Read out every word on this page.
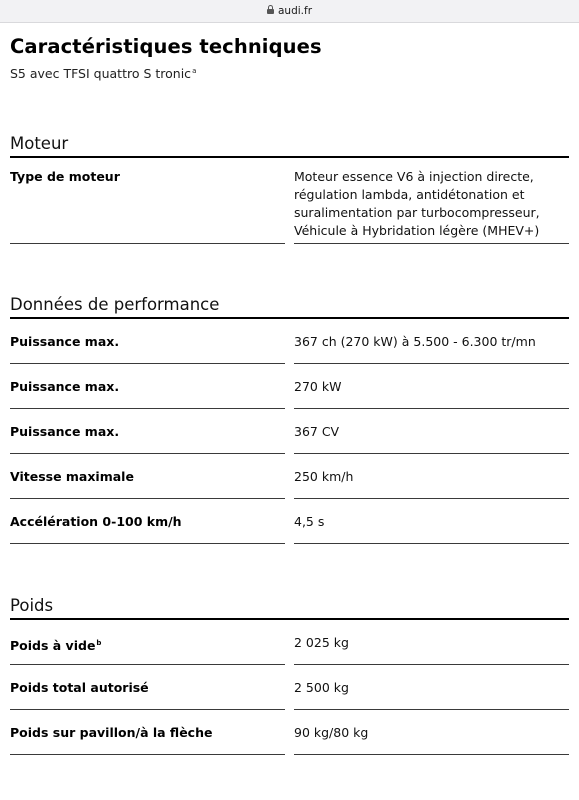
audi.fr
Caractéristiques techniques
S5 avec TFSI quattro S tronic$^a$
Moteur
Type de moteur	Moteur essence V6 à injection directe, régulation lambda, antidétonation et suralimentation par turbocompresseur, Véhicule à Hybridation légère (MHEV+)
Données de performance
Puissance max.	367 ch (270 kW) à 5.500 - 6.300 tr/mn
Puissance max.	270 kW
Puissance max.	367 CV
Vitesse maximale	250 km/h
Accélération 0-100 km/h	4,5 s
Poids
Poids à vide$^b$	2 025 kg
Poids total autorisé	2 500 kg
Poids sur pavillon/à la flèche	90 kg/80 kg
